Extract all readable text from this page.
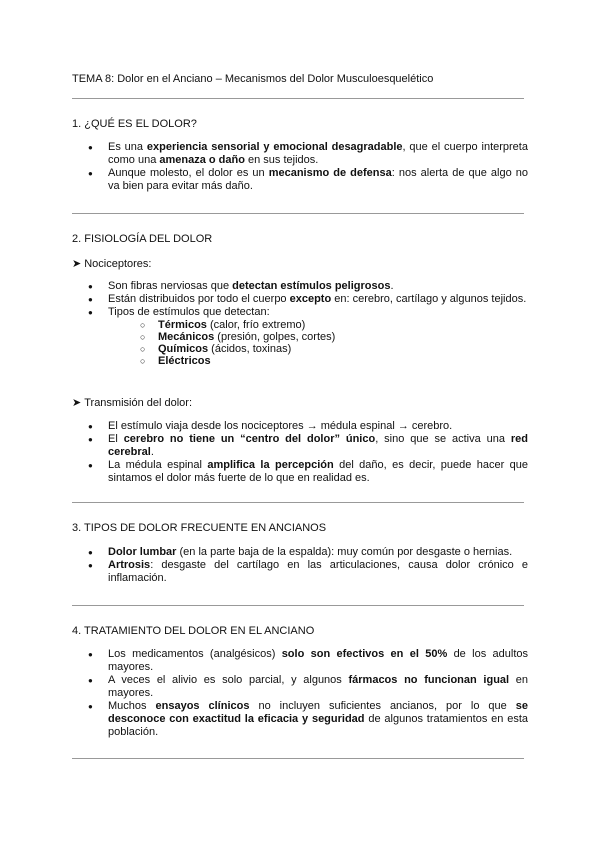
TEMA 8: Dolor en el Anciano – Mecanismos del Dolor Musculoesquelético
1. ¿QUÉ ES EL DOLOR?
● Es una experiencia sensorial y emocional desagradable, que el cuerpo interpreta como una amenaza o daño en sus tejidos.
● Aunque molesto, el dolor es un mecanismo de defensa: nos alerta de que algo no va bien para evitar más daño.
2. FISIOLOGÍA DEL DOLOR
➤ Nociceptores:
● Son fibras nerviosas que detectan estímulos peligrosos.
● Están distribuidos por todo el cuerpo excepto en: cerebro, cartílago y algunos tejidos.
● Tipos de estímulos que detectan:
○ Térmicos (calor, frío extremo)
○ Mecánicos (presión, golpes, cortes)
○ Químicos (ácidos, toxinas)
○ Eléctricos
➤ Transmisión del dolor:
● El estímulo viaja desde los nociceptores → médula espinal → cerebro.
● El cerebro no tiene un “centro del dolor” único, sino que se activa una red cerebral.
● La médula espinal amplifica la percepción del daño, es decir, puede hacer que sintamos el dolor más fuerte de lo que en realidad es.
3. TIPOS DE DOLOR FRECUENTE EN ANCIANOS
● Dolor lumbar (en la parte baja de la espalda): muy común por desgaste o hernias.
● Artrosis: desgaste del cartílago en las articulaciones, causa dolor crónico e inflamación.
4. TRATAMIENTO DEL DOLOR EN EL ANCIANO
● Los medicamentos (analgésicos) solo son efectivos en el 50% de los adultos mayores.
● A veces el alivio es solo parcial, y algunos fármacos no funcionan igual en mayores.
● Muchos ensayos clínicos no incluyen suficientes ancianos, por lo que se desconoce con exactitud la eficacia y seguridad de algunos tratamientos en esta población.
